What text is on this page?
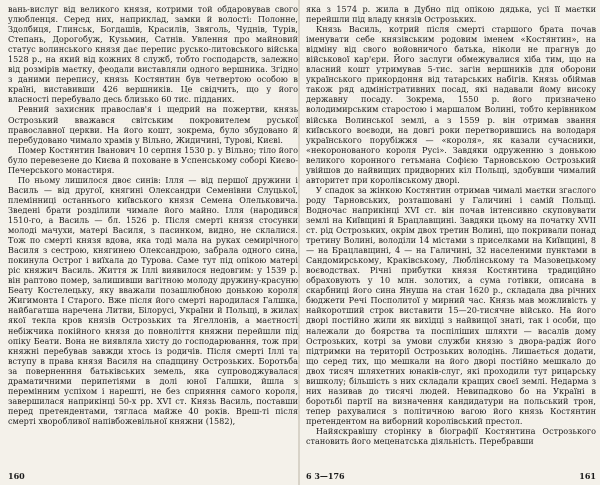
вань-вислуг від великого князя, котрими той обдаровував свого улюбленця. Серед них, наприклад, замки й волості: Полонне, Здолбиця, Глинськ, Богдашів, Красилів, Звяголь, Чуднів, Турів, Степань, Дорогобуж, Кузьмин, Сатнів. Увлення про майновий статус волинського князя дає перепис русько-литовського війська 1528 р., на який від кожних 8 служб, тобто господарств, залежно від розмірів маєтку, феодали виставляли одного вершника. Згідно з даними перепису, князь Костянтин був четвертою особою в країні, виставивши 426 вершників. Це свідчить, що у його власності перебувало десь близько 60 тис. підданих.

Ревний захисник православ'я і щедрий на пожертви, князь Острозький вважався світським покровителем руської православної церкви. На його кошт, зокрема, було збудовано й перебудовано чимало храмів у Вільно, Жидичині, Турові, Києві.

Помер Костянтин Іванович 10 серпня 1530 р. у Вільно; тіло його було перевезене до Києва й поховане в Успенському соборі Києво-Печерського монастиря.

По ньому лишилося двоє синів: Ілля — від першої дружини і Василь — від другої, княгині Олександри Семенівни Слуцької, племінниці останнього київського князя Семена Олельковича. Зведені брати розділили чимале його майно. Ілля (народився 1510-го, а Василь — бл. 1526 р. Після смерті князя стосунки молоді мачухи, матері Василя, з пасинком, видно, не склалися. Тож по смерті князя вдова, яка тоді мала на руках семирічного Василя з сестрою, княгинею Олександрою, забрала одного сина, покинула Острог і виїхала до Турова. Саме тут під опікою матері ріс княжич Василь. Життя ж Іллі виявилося недовгим: у 1539 р. він раптово помер, залишивши вагітною молоду дружину-красуню Беату Костелецьку, яку вважали позашлюбною донькою короля Жигимонта I Старого. Вже після його смерті народилася Галшка, найбагатша наречена Литви, Білорусі, України й Польщі, в жилах якої текла кров князів Острозьких та Ягеллонів, а маєтності небіжчика покійного князя до повноліття княжни перейшли під опіку Беати. Вона не виявляла хисту до господарювання, тож при княжні перебував завжди хтось із родичів. Після смерті Іллі та вступу в права князя Василя на спадщину Острозьких. Боротьба за поверненння батьківських земель, яка супроводжувалася драматичними перипетіями в долі юної Галшки, йшла з перемінним успіхом і нарешті, не без сприяння самого короля, завершилася наприкінці 50-х рр. XVI ст. Князь Василь, поставши перед претендентами, тягласа майже 40 років. Вреш-ті після смерті хворобливої напівбожевільної княжни (1582),

160

яка з 1574 р. жила в Дубно під опікою дядька, усі її маєтки перейшли під владу князів Острозьких.

Князь Василь, котрий після смерті старшого брата почав іменувати себе князівським родовим іменем «Костянтин», на відміну від свого войовничого батька, ніколи не прагнув до військової кар'єри. Його заслуги обмежувалися хіба тим, що на власний кошт утримував 5-тис. загін вершників для оборони українського прикордоння від татарських набігів. Князь обіймав також ряд адміністративних посад, які надавали йому високу державну посаду. Зокрема, 1550 р. його призначено володимирським старостою і маршалом Волині, тобто керівником війська Волинської землі, а з 1559 р. він отримав звання київського воєводи, на довгі роки перетворившись на володаря українського порубіжжя — «короля», як казали сучасники, «некоронованого короля Русі». Завдяки одруженню з донькою великого коронного гетьмана Софією Тарновською Острозький увійшов до найвищих придворних кіл Польщі, здобувши чималий авторитет при королівському дворі.

У спадок за жінкою Костянтин отримав чималі маєтки згаслого роду Тарновських, розташовані у Галичині і самій Польщі. Водночас наприкінці XVI ст. він почав інтенсивно скуповувати землі на Київщині й Брацлавщині. Завдяки цьому на початку XVII ст. рід Острозьких, окрім двох третин Волині, що покривали понад третину Волині, володіли 14 містами з приселками на Київщині, 8 — на Брацлавщині, 4 — на Галичині, 32 населеними пунктами в Сандомирському, Краківському, Люблінському та Мазовецькому воєводствах. Річні прибутки князя Костянтина традиційно обраховують у 10 млн. золотих, а сума готівки, описана в скарбниці його сина Януша на стан 1620 р., складала два річних бюджети Речі Посполитої у мирний час. Князь мав можливість у найкоротший строк виставити 15—20-тисячне військо. На його дворі постійно жили як вихідці з найвищої знаті, так і особи, що належали до боярства та поспіліших шляхти — васалів дому Острозьких, котрі за умови служби князю з двора-радіж його підтримки на території Острозьких володінь. Лишається додати, що серед тих, що мешкали на його дворі постійно мешкало до двох тисяч шляхетних юнаків-слуг, які проходили тут рицарську вишколу; більшість з них складали кращих своєї землі. Недарма з них називав до тисячі людей. Невипадково бо на Україні в боротьбі партії на визначення кандидатури на польський трон, тепер рахувалися з політичною вагою його князь Костянтин претендентом на виборний королівський престол.

Найяскравішу сторінку в біографії Костянтина Острозького становить його меценатська діяльність. Перебравши

6 3—176	161
